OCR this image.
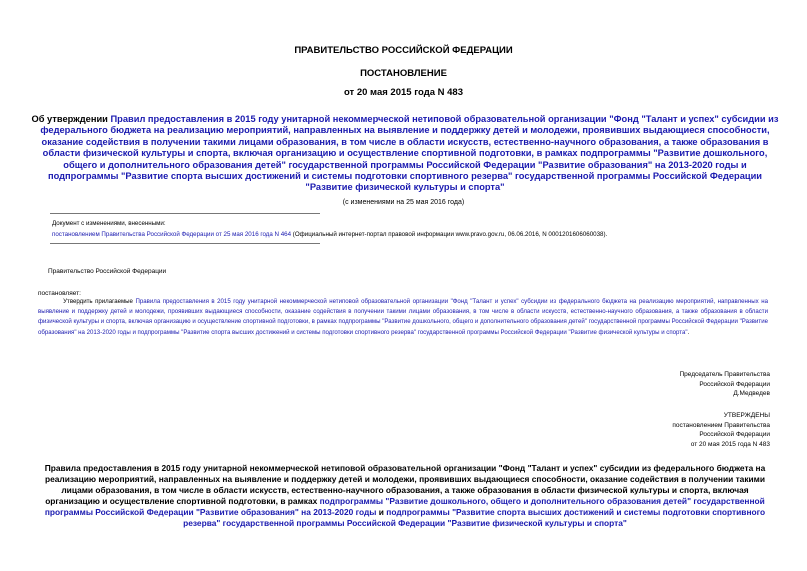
ПРАВИТЕЛЬСТВО РОССИЙСКОЙ ФЕДЕРАЦИИ
ПОСТАНОВЛЕНИЕ
от 20 мая 2015 года N 483
Об утверждении Правил предоставления в 2015 году унитарной некоммерческой нетиповой образовательной организации "Фонд "Талант и успех" субсидии из федерального бюджета на реализацию мероприятий, направленных на выявление и поддержку детей и молодежи, проявивших выдающиеся способности, оказание содействия в получении такими лицами образования, в том числе в области искусств, естественно-научного образования, а также образования в области физической культуры и спорта, включая организацию и осуществление спортивной подготовки, в рамках подпрограммы "Развитие дошкольного, общего и дополнительного образования детей" государственной программы Российской Федерации "Развитие образования" на 2013-2020 годы и подпрограммы "Развитие спорта высших достижений и системы подготовки спортивного резерва" государственной программы Российской Федерации "Развитие физической культуры и спорта"
(с изменениями на 25 мая 2016 года)
Документ с изменениями, внесенными:
постановлением Правительства Российской Федерации от 25 мая 2016 года N 464 (Официальный интернет-портал правовой информации www.pravo.gov.ru, 06.06.2016, N 0001201606060038).
Правительство Российской Федерации
постановляет:
Утвердить прилагаемые Правила предоставления в 2015 году унитарной некоммерческой нетиповой образовательной организации "Фонд "Талант и успех" субсидии из федерального бюджета на реализацию мероприятий, направленных на выявление и поддержку детей и молодежи, проявивших выдающиеся способности, оказание содействия в получении такими лицами образования, в том числе в области искусств, естественно-научного образования, а также образования в области физической культуры и спорта, включая организацию и осуществление спортивной подготовки, в рамках подпрограммы "Развитие дошкольного, общего и дополнительного образования детей" государственной программы Российской Федерации "Развитие образования" на 2013-2020 годы и подпрограммы "Развитие спорта высших достижений и системы подготовки спортивного резерва" государственной программы Российской Федерации "Развитие физической культуры и спорта".
Председатель Правительства
Российской Федерации
Д.Медведев
УТВЕРЖДЕНЫ
постановлением Правительства
Российской Федерации
от 20 мая 2015 года N 483
Правила предоставления в 2015 году унитарной некоммерческой нетиповой образовательной организации "Фонд "Талант и успех" субсидии из федерального бюджета на реализацию мероприятий, направленных на выявление и поддержку детей и молодежи, проявивших выдающиеся способности, оказание содействия в получении такими лицами образования, в том числе в области искусств, естественно-научного образования, а также образования в области физической культуры и спорта, включая организацию и осуществление спортивной подготовки, в рамках подпрограммы "Развитие дошкольного, общего и дополнительного образования детей" государственной программы Российской Федерации "Развитие образования" на 2013-2020 годы и подпрограммы "Развитие спорта высших достижений и системы подготовки спортивного резерва" государственной программы Российской Федерации "Развитие физической культуры и спорта"
